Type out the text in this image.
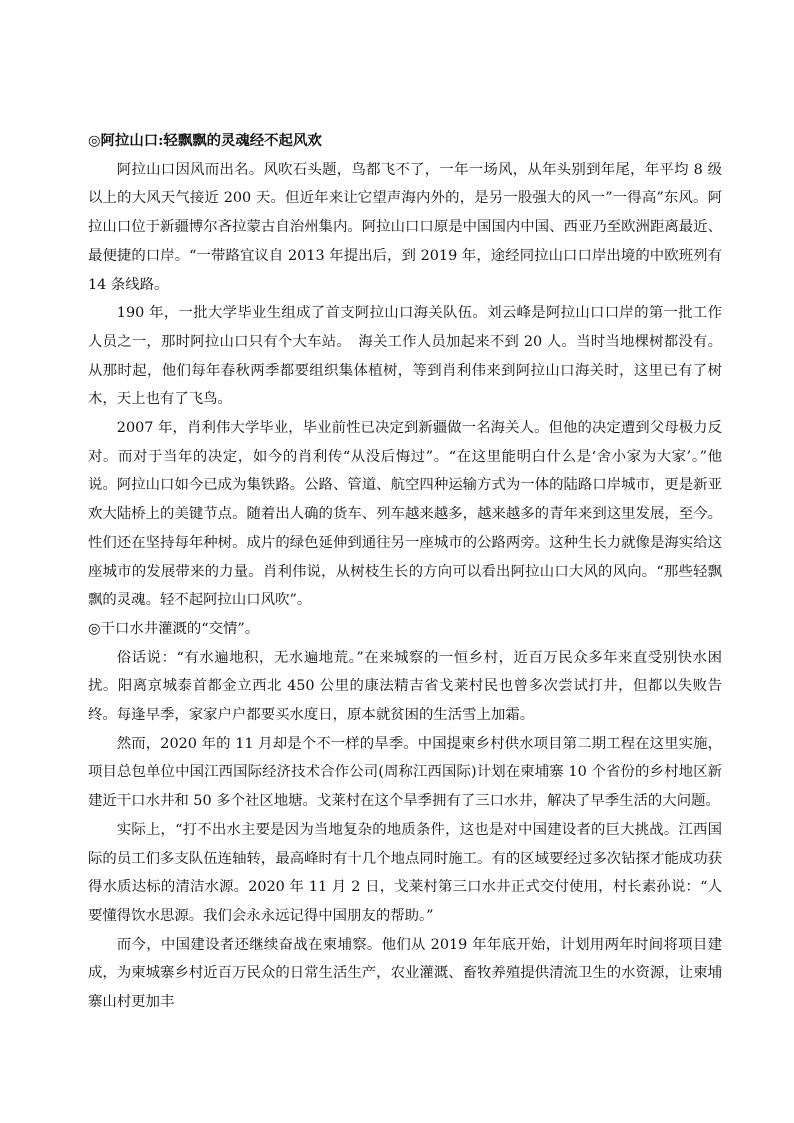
◎阿拉山口:轻飘飘的灵魂经不起风欢

阿拉山口因风而出名。风吹石头题，鸟都飞不了，一年一场风，从年头别到年尾，年平均 8 级以上的大风天气接近 200 天。但近年来让它望声海内外的，是另一股强大的风一”一得高”东风。阿拉山口位于新疆博尔吝拉蒙古自治州集内。阿拉山口口原是中国国内中国、西亚乃至欧洲距离最近、最便捷的口岸。“一带路宜议自 2013 年提出后，到 2019 年，途经同拉山口口岸出境的中欧班列有 14 条线路。

190 年，一批大学毕业生组成了首支阿拉山口海关队伍。刘云峰是阿拉山口口岸的第一批工作人员之一，那时阿拉山口只有个大车站。　海关工作人员加起来不到 20 人。当时当地棵树都没有。从那时起，他们每年春秋两季都要组织集体植树，等到肖利伟来到阿拉山口海关时，这里已有了树木，天上也有了飞鸟。

2007 年，肖利伟大学毕业，毕业前性已决定到新疆做一名海关人。但他的决定遭到父母极力反对。而对于当年的决定，如今的肖利传“从没后悔过”。“在这里能明白什么是‘舍小家为大家’。”他说。阿拉山口如今已成为集铁路。公路、管道、航空四种运输方式为一体的陆路口岸城市，更是新亚欢大陆桥上的美键节点。随着出人确的货车、列车越来越多，越来越多的青年来到这里发展，至今。性们还在坚持每年种树。成片的绿色延伸到通往另一座城市的公路两旁。这种生长力就像是海实给这座城市的发展带来的力量。肖利伟说，从树枝生长的方向可以看出阿拉山口大风的风向。“那些轻飘飘的灵魂。轻不起阿拉山口风吹”。

◎干口水井灌溉的“交情”。

俗话说：“有水遍地积，无水遍地荒。”在来城察的一恒乡村，近百万民众多年来直受别快水困扰。阳离京城泰首都金立西北 450 公里的康法精吉省戈莱村民也曾多次尝试打井，但都以失败告终。每逢早季，家家户户都要买水度日，原本就贫困的生活雪上加霜。

然而，2020 年的 11 月却是个不一样的旱季。中国提柬乡村供水项目第二期工程在这里实施，项目总包单位中国江西国际经济技术合作公司(周称江西国际)计划在柬埔寨 10 个省份的乡村地区新建近干口水井和 50 多个社区地塘。戈莱村在这个旱季拥有了三口水井，解决了早季生活的大问题。

实际上，“打不出水主要是因为当地复杂的地质条件，这也是对中国建设者的巨大挑战。江西国际的员工们多支队伍连轴转，最高峰时有十几个地点同时施工。有的区域要经过多次钻探才能成功获得水质达标的清洁水源。2020 年 11 月 2 日，戈莱村第三口水井正式交付使用，村长素孙说：“人要懂得饮水思源。我们会永永远记得中国朋友的帮助。”

而今，中国建设者还继续奋战在柬埔察。他们从 2019 年年底开始，计划用两年时间将项目建成，为柬城寨乡村近百万民众的日常生活生产，农业灌溉、畜牧养殖提供清流卫生的水资源，让柬埔寨山村更加丰
